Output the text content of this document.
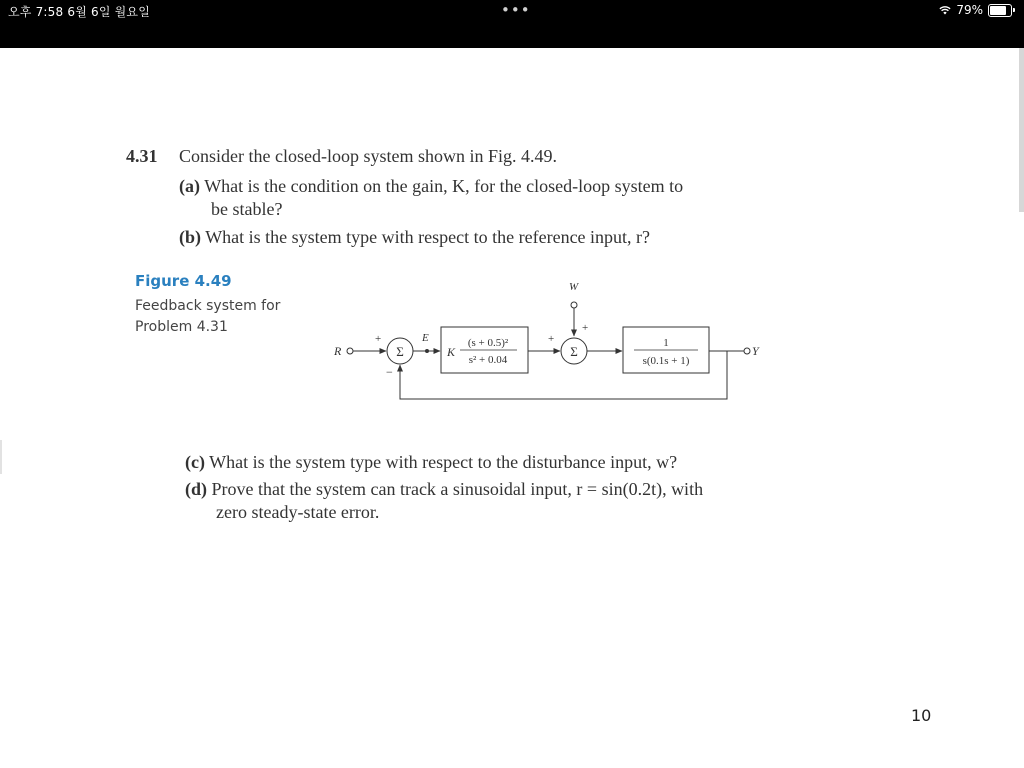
오후 7:58 6월 6일 월요일	•••	79%
4.31 Consider the closed-loop system shown in Fig. 4.49.
(a) What is the condition on the gain, K, for the closed-loop system to
be stable?
(b) What is the system type with respect to the reference input, r?
Figure 4.49
Feedback system for
Problem 4.31
R
+
Σ
−
E
K
(s + 0.5)²
s² + 0.04
+
W
+
Σ
1
s(0.1s + 1)
Y
(c) What is the system type with respect to the disturbance input, w?
(d) Prove that the system can track a sinusoidal input, r = sin(0.2t), with
zero steady-state error.
10
